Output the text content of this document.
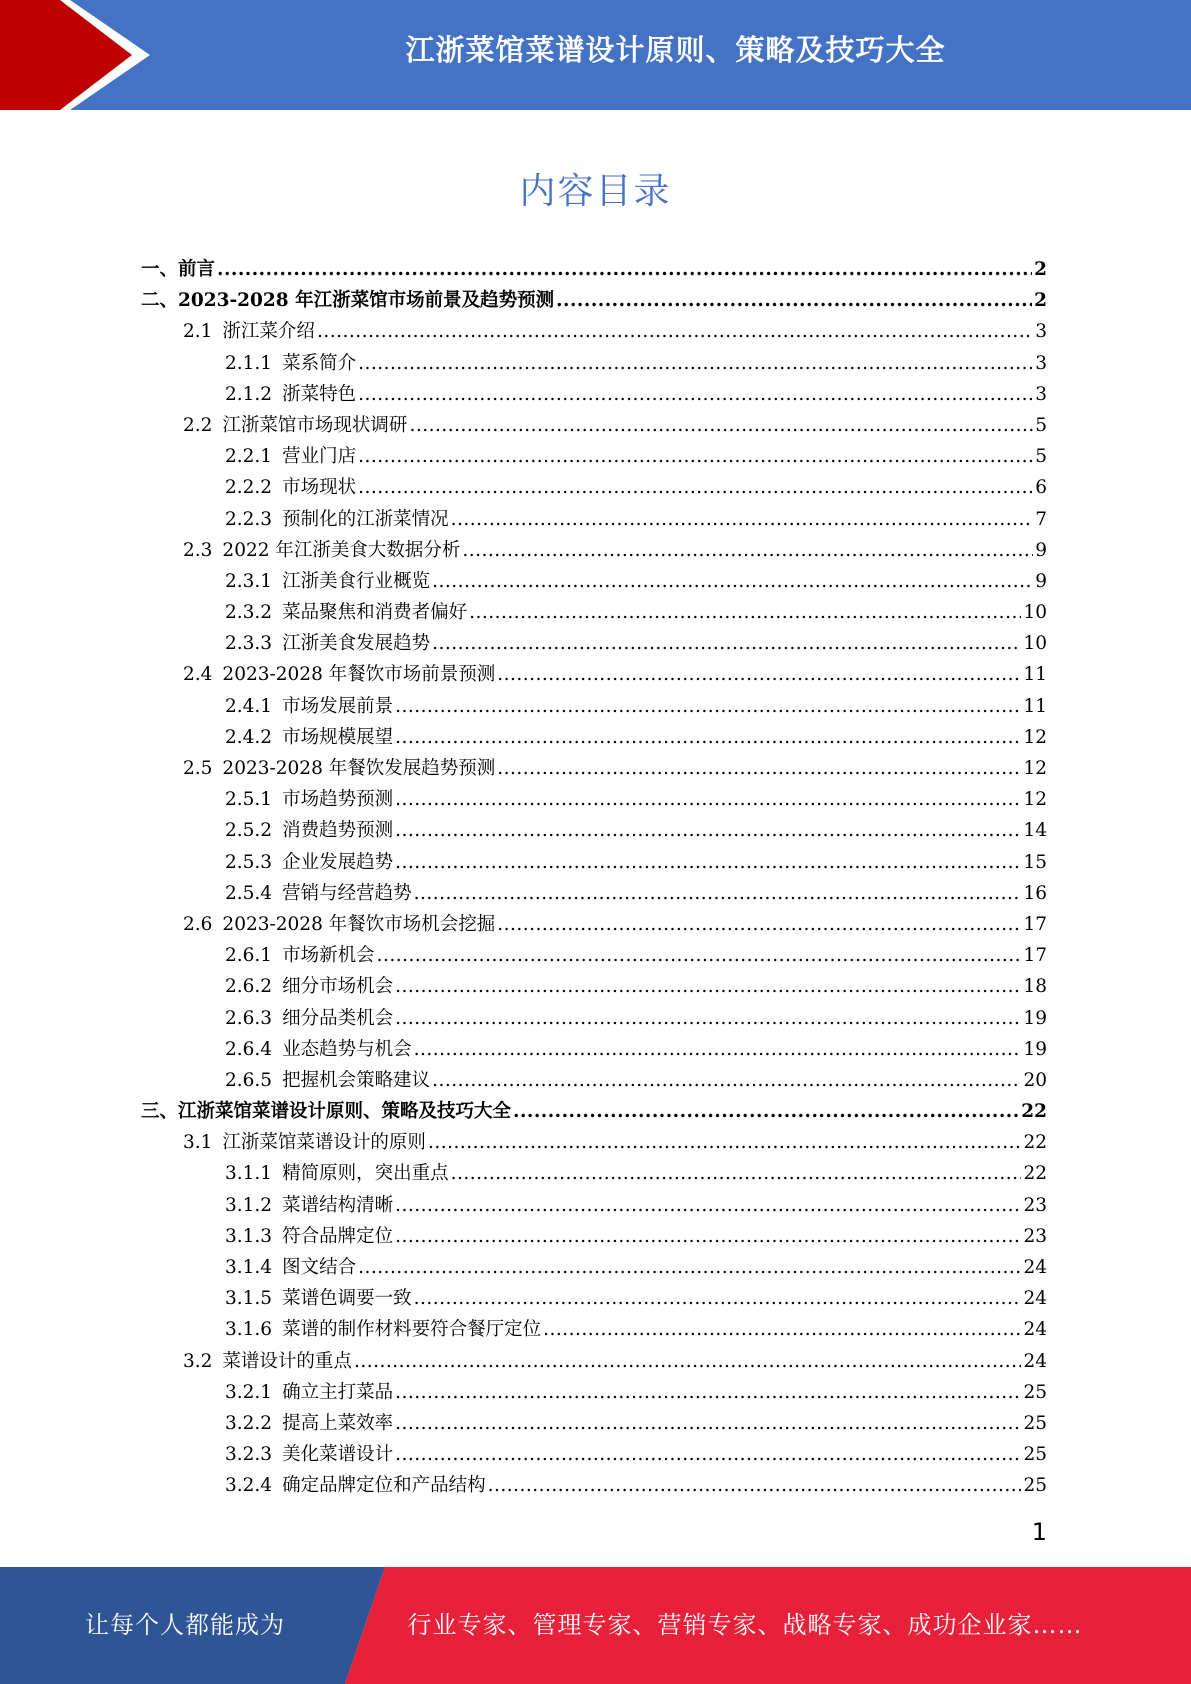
江浙菜馆菜谱设计原则、策略及技巧大全
内容目录
一、前言 .....	2
二、2023-2028 年江浙菜馆市场前景及趋势预测 .....	2
2.1 浙江菜介绍 .....	3
2.1.1 菜系简介 .....	3
2.1.2 浙菜特色 .....	3
2.2 江浙菜馆市场现状调研 .....	5
2.2.1 营业门店 .....	5
2.2.2 市场现状 .....	6
2.2.3 预制化的江浙菜情况 .....	7
2.3 2022 年江浙美食大数据分析 .....	9
2.3.1 江浙美食行业概览 .....	9
2.3.2 菜品聚焦和消费者偏好 .....	10
2.3.3 江浙美食发展趋势 .....	10
2.4 2023-2028 年餐饮市场前景预测 .....	11
2.4.1 市场发展前景 .....	11
2.4.2 市场规模展望 .....	12
2.5 2023-2028 年餐饮发展趋势预测 .....	12
2.5.1 市场趋势预测 .....	12
2.5.2 消费趋势预测 .....	14
2.5.3 企业发展趋势 .....	15
2.5.4 营销与经营趋势 .....	16
2.6 2023-2028 年餐饮市场机会挖掘 .....	17
2.6.1 市场新机会 .....	17
2.6.2 细分市场机会 .....	18
2.6.3 细分品类机会 .....	19
2.6.4 业态趋势与机会 .....	19
2.6.5 把握机会策略建议 .....	20
三、江浙菜馆菜谱设计原则、策略及技巧大全 .....	22
3.1 江浙菜馆菜谱设计的原则 .....	22
3.1.1 精简原则，突出重点 .....	22
3.1.2 菜谱结构清晰 .....	23
3.1.3 符合品牌定位 .....	23
3.1.4 图文结合 .....	24
3.1.5 菜谱色调要一致 .....	24
3.1.6 菜谱的制作材料要符合餐厅定位 .....	24
3.2 菜谱设计的重点 .....	24
3.2.1 确立主打菜品 .....	25
3.2.2 提高上菜效率 .....	25
3.2.3 美化菜谱设计 .....	25
3.2.4 确定品牌定位和产品结构 .....	25
1
让每个人都能成为	行业专家、管理专家、营销专家、战略专家、成功企业家……
